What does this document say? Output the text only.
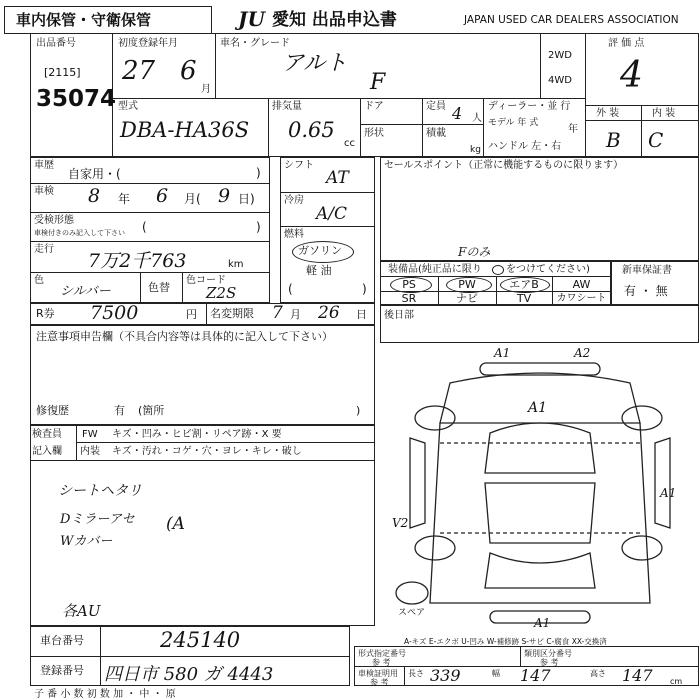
車内保管・守衛保管	JU 愛知 出品申込書	JAPAN USED CAR DEALERS ASSOCIATION
出品番号
[2115]
35074
初度登録年月
27 6
月
車名・グレード
アルト
F
2WD
4WD
評 価 点
4
外 装	内 装
B C
型式
DBA-HA36S
排気量
0.65
cc
ドア
形状
定員 4 人
積載
kg
ディーラー・並 行
モデル 年 式
年
ハンドル 左・右
車歴
自家用・(	)
車検 8 年 6 月( 9 日)
受検形態
車検付きのみ記入して下さい (	)
走行
7万2千763	km
色
シルバー	色替
色コード
Z2S
シフト
AT
冷房
A/C
燃料
ガソリン
軽 油
(	)
セールスポイント（正常に機能するものに限ります）
Fのみ
装備品(純正品に限り をつけてください)
PS	PW	エアB	AW
SR	ナビ	TV	カワシート
新車保証書
有 ・ 無
R券 7500	円 名変期限 7 月 26 日 後日部
注意事項申告欄（不具合内容等は具体的に記入して下さい）
修復歴	有 (箇所	)
検査員
記入欄
FW キズ・凹み・ヒビ割・リペア跡・X 要
内装 キズ・汚れ・コゲ・穴・ヨレ・キレ・破し
シートヘタリ
Dミラーアセ
Wカバー
(A
各AU
A1	A2
A1
A1
V2
A1
スペア
車台番号	245140
登録番号 四日市 580 ガ 4443
A-キズ E-エクボ U-凹み W-補修跡 S-サビ C-腐食 XX-交換済
形式指定番号
参 考
類別区分番号
参 考
車検証明用
参 考
長さ 339	幅 147	高さ 147 cm
子 番 小 数 初 数 加 ・ 中 ・ 原
